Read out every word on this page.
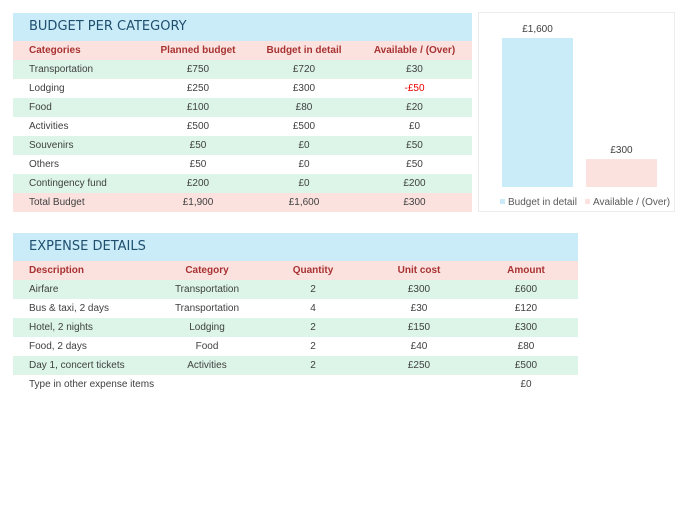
BUDGET PER CATEGORY
Categories	Planned budget	Budget in detail	Available / (Over)
Transportation	£750	£720	£30
Lodging	£250	£300	-£50
Food	£100	£80	£20
Activities	£500	£500	£0
Souvenirs	£50	£0	£50
Others	£50	£0	£50
Contingency fund	£200	£0	£200
Total Budget	£1,900	£1,600	£300
£1,600
£300
Budget in detail Available / (Over)
EXPENSE DETAILS
Description	Category	Quantity	Unit cost	Amount
Airfare	Transportation	2	£300	£600
Bus & taxi, 2 days	Transportation	4	£30	£120
Hotel, 2 nights	Lodging	2	£150	£300
Food, 2 days	Food	2	£40	£80
Day 1, concert tickets	Activities	2	£250	£500
Type in other expense items				£0
